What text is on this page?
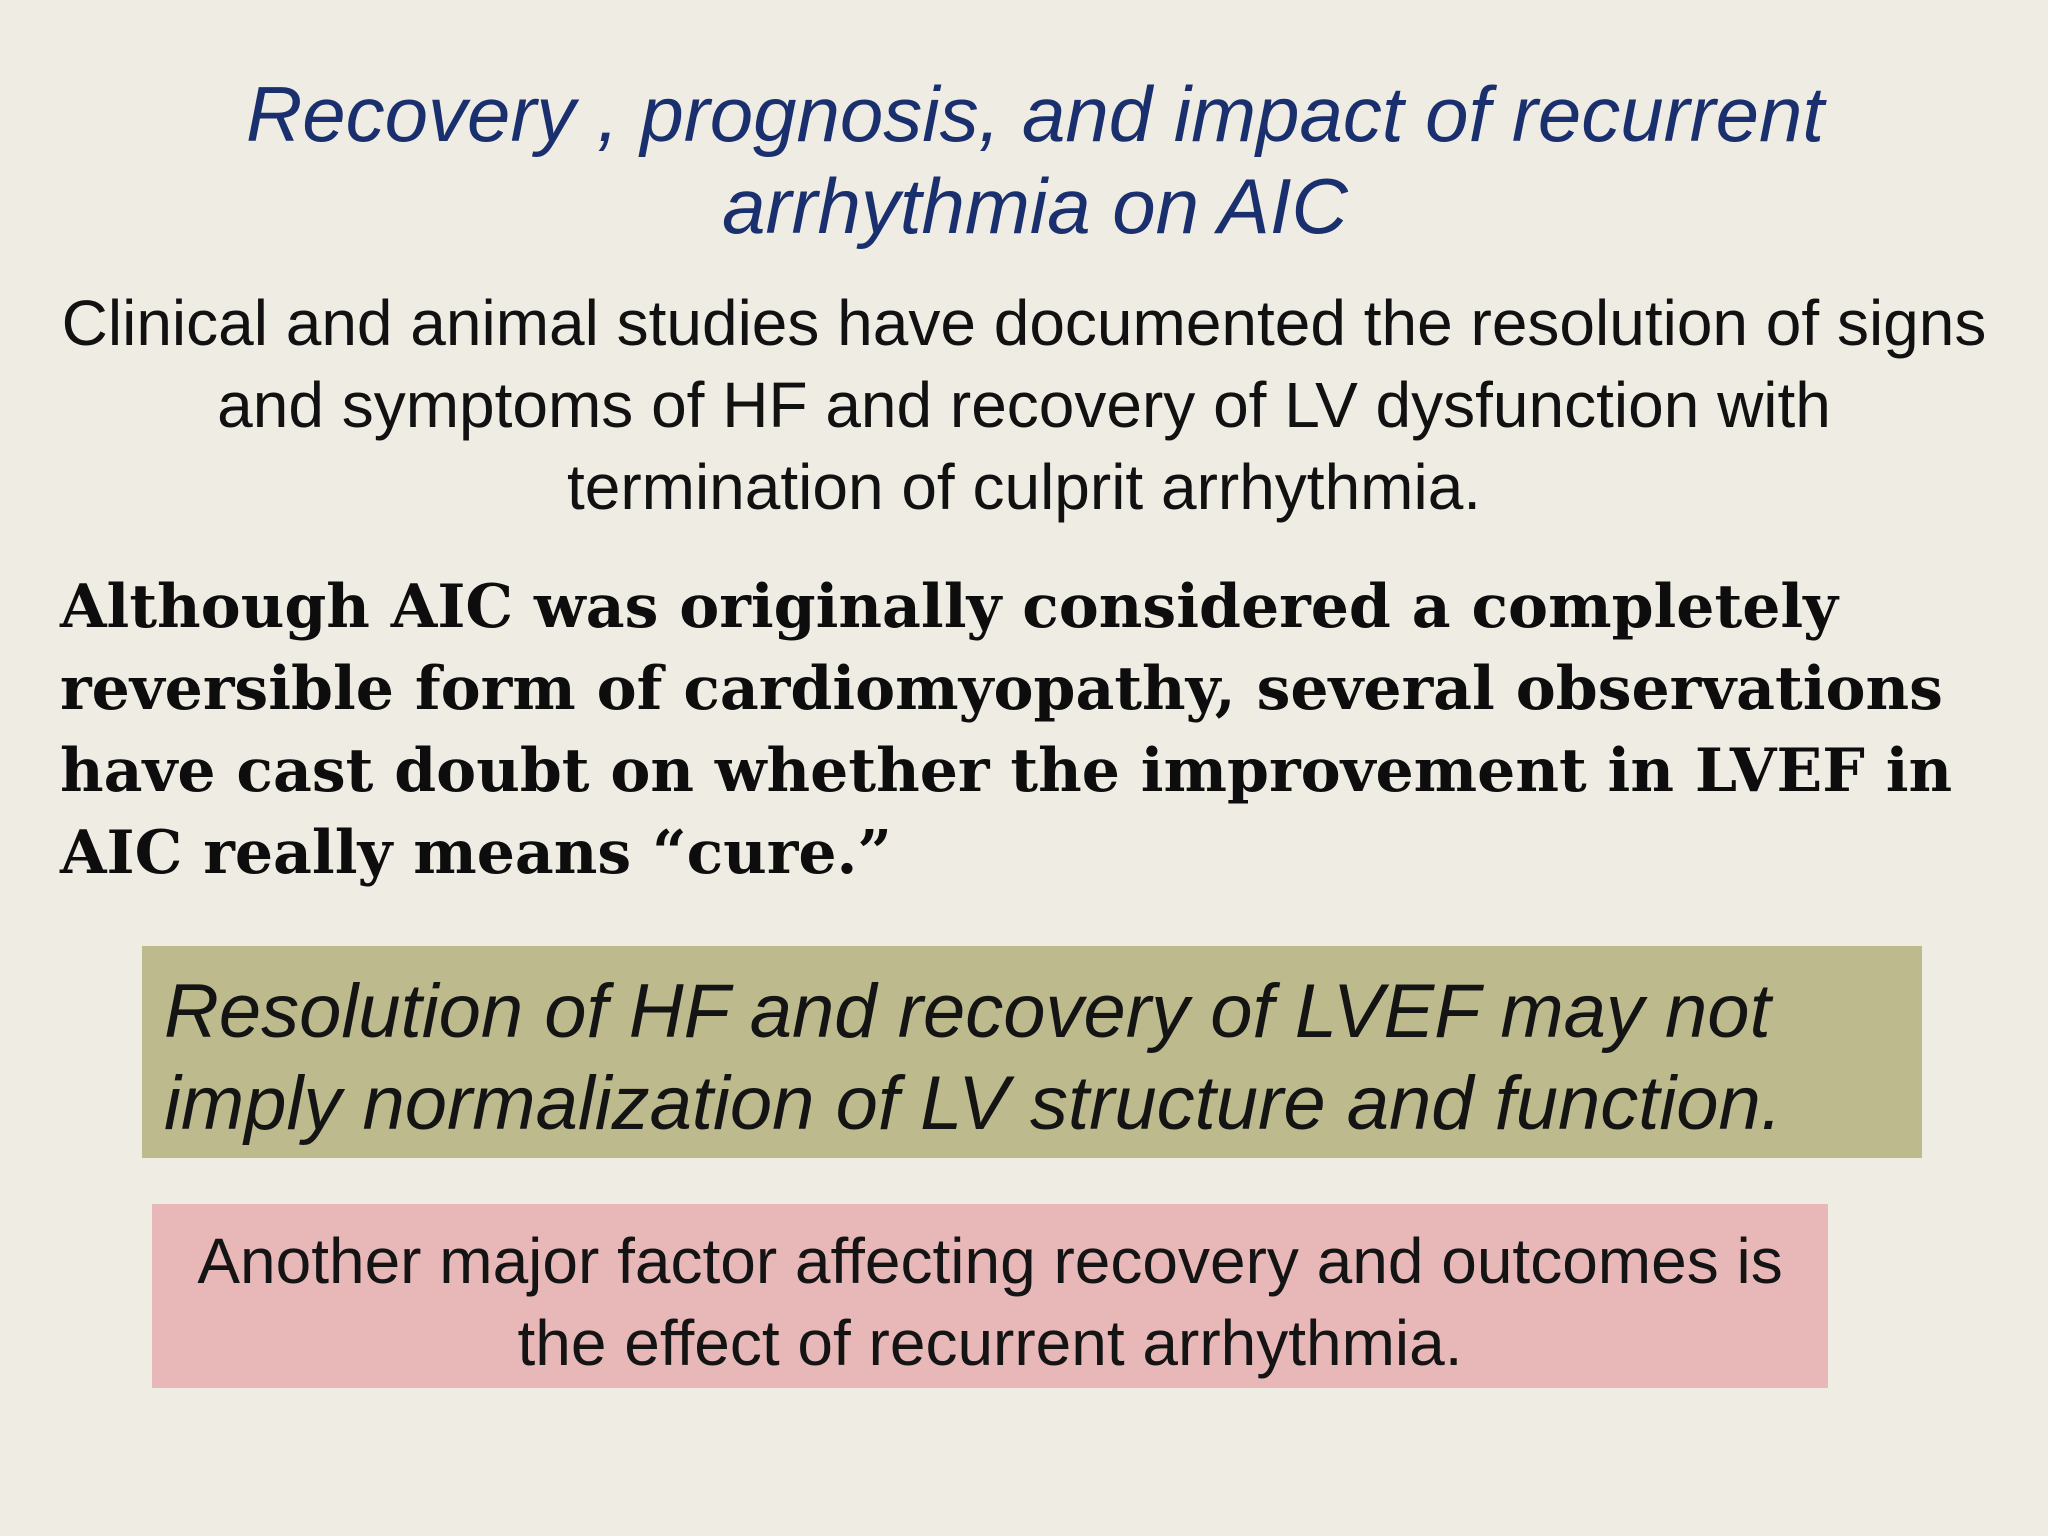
Recovery , prognosis, and impact of recurrent arrhythmia on AIC

Clinical and animal studies have documented the resolution of signs and symptoms of HF and recovery of LV dysfunction with termination of culprit arrhythmia.

Although AIC was originally considered a completely reversible form of cardiomyopathy, several observations have cast doubt on whether the improvement in LVEF in AIC really means “cure.”

Resolution of HF and recovery of LVEF may not imply normalization of LV structure and function.

Another major factor affecting recovery and outcomes is the effect of recurrent arrhythmia.
